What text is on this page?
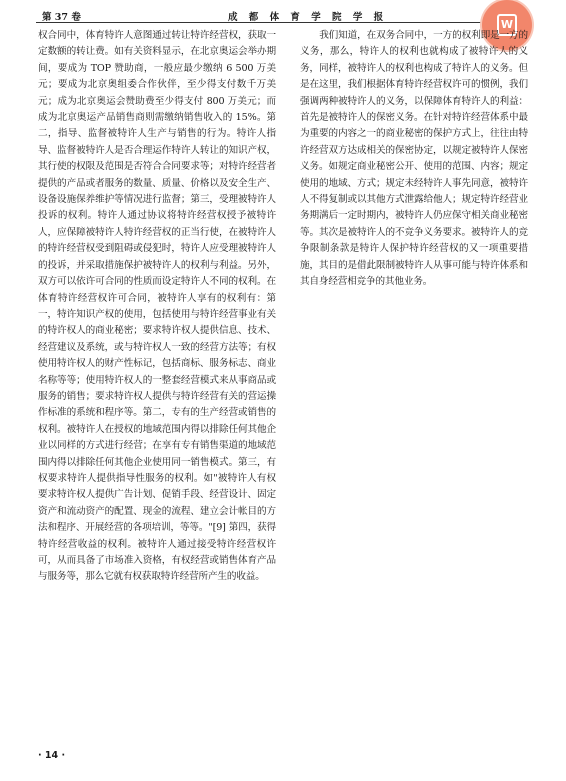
第 37 卷	成 都 体 育 学 院 学 报
W

权合同中，体育特许人意图通过转让特许经营权，获取一定数额的转让费。如有关资料显示，在北京奥运会举办期间，要成为 TOP 赞助商，一般应最少缴纳 6 500 万美元；要成为北京奥组委合作伙伴，至少得支付数千万美元；成为北京奥运会赞助费至少得支付 800 万美元；而成为北京奥运产品销售商则需缴纳销售收入的 15%。第二，指导、监督被特许人生产与销售的行为。特许人指导、监督被特许人是否合理运作特许人转让的知识产权，其行使的权限及范围是否符合合同要求等；对特许经营者提供的产品或者服务的数量、质量、价格以及安全生产、设备设施保养维护等情况进行监督；第三，受理被特许人投诉的权利。特许人通过协议将特许经营权授予被特许人，应保障被特许人特许经营权的正当行使，在被特许人的特许经营权受到阻碍或侵犯时，特许人应受理被特许人的投诉，并采取措施保护被特许人的权利与利益。另外，双方可以依许可合同的性质而设定特许人不同的权利。在体育特许经营权许可合同，被特许人享有的权利有：第一，特许知识产权的使用，包括使用与特许经营事业有关的特许权人的商业秘密；要求特许权人提供信息、技术、经营建议及系统，或与特许权人一致的经营方法等；有权使用特许权人的财产性标记，包括商标、服务标志、商业名称等等；使用特许权人的一整套经营模式来从事商品或服务的销售；要求特许权人提供与特许经营有关的营运操作标准的系统和程序等。第二，专有的生产经营或销售的权利。被特许人在授权的地域范围内得以排除任何其他企业以同样的方式进行经营；在享有专有销售渠道的地域范围内得以排除任何其他企业使用同一销售模式。第三，有权要求特许人提供指导性服务的权利。如"被特许人有权要求特许权人提供广告计划、促销手段、经营设计、固定资产和流动资产的配置、现金的流程、建立会计帐目的方法和程序、开展经营的各项培训，等等。"[9] 第四，获得特许经营收益的权利。被特许人通过接受特许经营权许可，从而具备了市场准入资格，有权经营或销售体育产品与服务等，那么它就有权获取特许经营所产生的收益。

我们知道，在双务合同中，一方的权利即是一方的义务，那么，特许人的权利也就构成了被特许人的义务，同样，被特许人的权利也构成了特许人的义务。但是在这里，我们根据体育特许经营权许可的惯例，我们强调两种被特许人的义务，以保障体育特许人的利益：首先是被特许人的保密义务。在针对特许经营体系中最为重要的内容之一的商业秘密的保护方式上，往往由特许经营双方达成相关的保密协定，以规定被特许人保密义务。如规定商业秘密公开、使用的范围、内容；规定使用的地域、方式；规定未经特许人事先同意，被特许人不得复制或以其他方式泄露给他人；规定特许经营业务期满后一定时期内，被特许人仍应保守相关商业秘密等。其次是被特许人的不竞争义务要求。被特许人的竞争限制条款是特许人保护特许经营权的又一项重要措施，其目的是借此限制被特许人从事可能与特许体系和其自身经营相竞争的其他业务。

· 14 ·
